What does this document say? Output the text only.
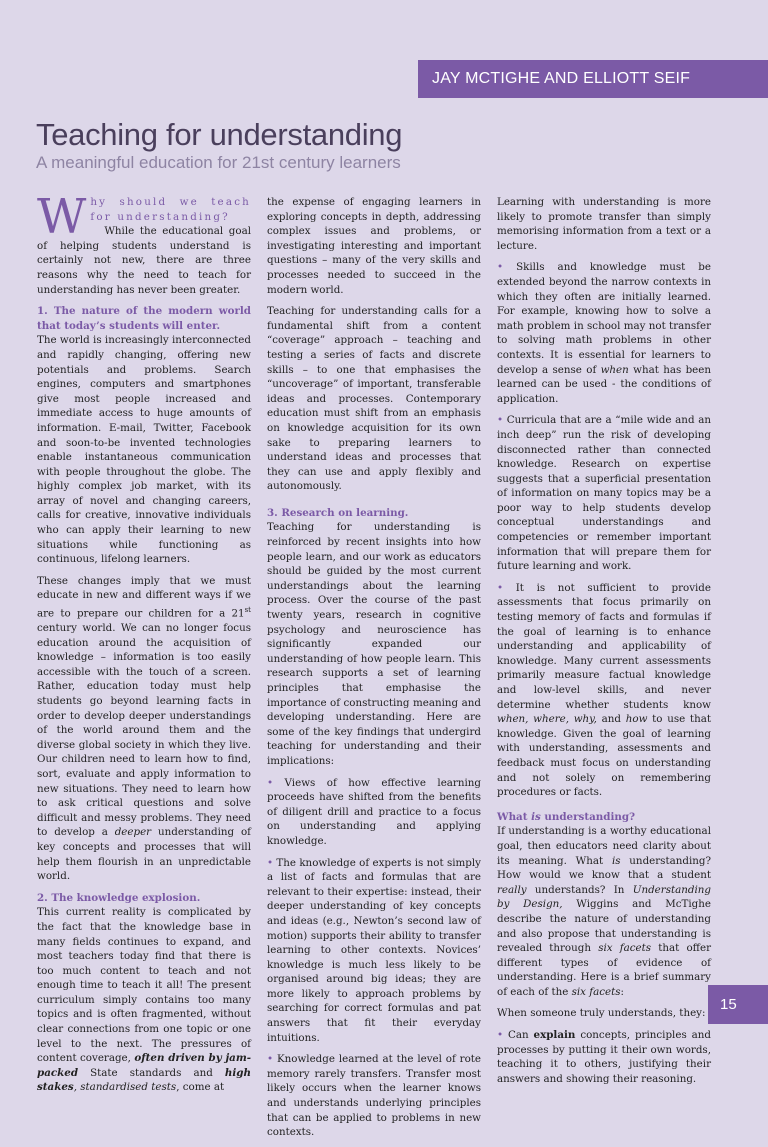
JAY MCTIGHE AND ELLIOTT SEIF
Teaching for understanding
A meaningful education for 21st century learners

W hy should we teach for understanding?
While the educational goal of helping students understand is certainly not new, there are three reasons why the need to teach for understanding has never been greater.

1. The nature of the modern world that today’s students will enter.

The world is increasingly interconnected and rapidly changing, offering new potentials and problems. Search engines, computers and smartphones give most people increased and immediate access to huge amounts of information. E-mail, Twitter, Facebook and soon-to-be invented technologies enable instantaneous communication with people throughout the globe. The highly complex job market, with its array of novel and changing careers, calls for creative, innovative individuals who can apply their learning to new situations while functioning as continuous, lifelong learners.

These changes imply that we must educate in new and different ways if we are to prepare our children for a 21st century world. We can no longer focus education around the acquisition of knowledge – information is too easily accessible with the touch of a screen. Rather, education today must help students go beyond learning facts in order to develop deeper understandings of the world around them and the diverse global society in which they live. Our children need to learn how to find, sort, evaluate and apply information to new situations. They need to learn how to ask critical questions and solve difficult and messy problems. They need to develop a deeper understanding of key concepts and processes that will help them flourish in an unpredictable world.

2. The knowledge explosion.

This current reality is complicated by the fact that the knowledge base in many fields continues to expand, and most teachers today find that there is too much content to teach and not enough time to teach it all! The present curriculum simply contains too many topics and is often fragmented, without clear connections from one topic or one level to the next. The pressures of content coverage, often driven by jam-packed State standards and high stakes, standardised tests, come at

the expense of engaging learners in exploring concepts in depth, addressing complex issues and problems, or investigating interesting and important questions – many of the very skills and processes needed to succeed in the modern world.

Teaching for understanding calls for a fundamental shift from a content “coverage” approach – teaching and testing a series of facts and discrete skills – to one that emphasises the “uncoverage” of important, transferable ideas and processes. Contemporary education must shift from an emphasis on knowledge acquisition for its own sake to preparing learners to understand ideas and processes that they can use and apply flexibly and autonomously.

3. Research on learning.

Teaching for understanding is reinforced by recent insights into how people learn, and our work as educators should be guided by the most current understandings about the learning process. Over the course of the past twenty years, research in cognitive psychology and neuroscience has significantly expanded our understanding of how people learn. This research supports a set of learning principles that emphasise the importance of constructing meaning and developing understanding. Here are some of the key findings that undergird teaching for understanding and their implications:

• Views of how effective learning proceeds have shifted from the benefits of diligent drill and practice to a focus on understanding and applying knowledge.

• The knowledge of experts is not simply a list of facts and formulas that are relevant to their expertise: instead, their deeper understanding of key concepts and ideas (e.g., Newton’s second law of motion) supports their ability to transfer learning to other contexts. Novices’ knowledge is much less likely to be organised around big ideas; they are more likely to approach problems by searching for correct formulas and pat answers that fit their everyday intuitions.

• Knowledge learned at the level of rote memory rarely transfers. Transfer most likely occurs when the learner knows and understands underlying principles that can be applied to problems in new contexts.

Learning with understanding is more likely to promote transfer than simply memorising information from a text or a lecture.

• Skills and knowledge must be extended beyond the narrow contexts in which they often are initially learned. For example, knowing how to solve a math problem in school may not transfer to solving math problems in other contexts. It is essential for learners to develop a sense of when what has been learned can be used - the conditions of application.

• Curricula that are a “mile wide and an inch deep” run the risk of developing disconnected rather than connected knowledge. Research on expertise suggests that a superficial presentation of information on many topics may be a poor way to help students develop conceptual understandings and competencies or remember important information that will prepare them for future learning and work.

• It is not sufficient to provide assessments that focus primarily on testing memory of facts and formulas if the goal of learning is to enhance understanding and applicability of knowledge. Many current assessments primarily measure factual knowledge and low-level skills, and never determine whether students know when, where, why, and how to use that knowledge. Given the goal of learning with understanding, assessments and feedback must focus on understanding and not solely on remembering procedures or facts.

What is understanding?

If understanding is a worthy educational goal, then educators need clarity about its meaning. What is understanding? How would we know that a student really understands? In Understanding by Design, Wiggins and McTighe describe the nature of understanding and also propose that understanding is revealed through six facets that offer different types of evidence of understanding. Here is a brief summary of each of the six facets:

When someone truly understands, they:

• Can explain concepts, principles and processes by putting it their own words, teaching it to others, justifying their answers and showing their reasoning.

15
